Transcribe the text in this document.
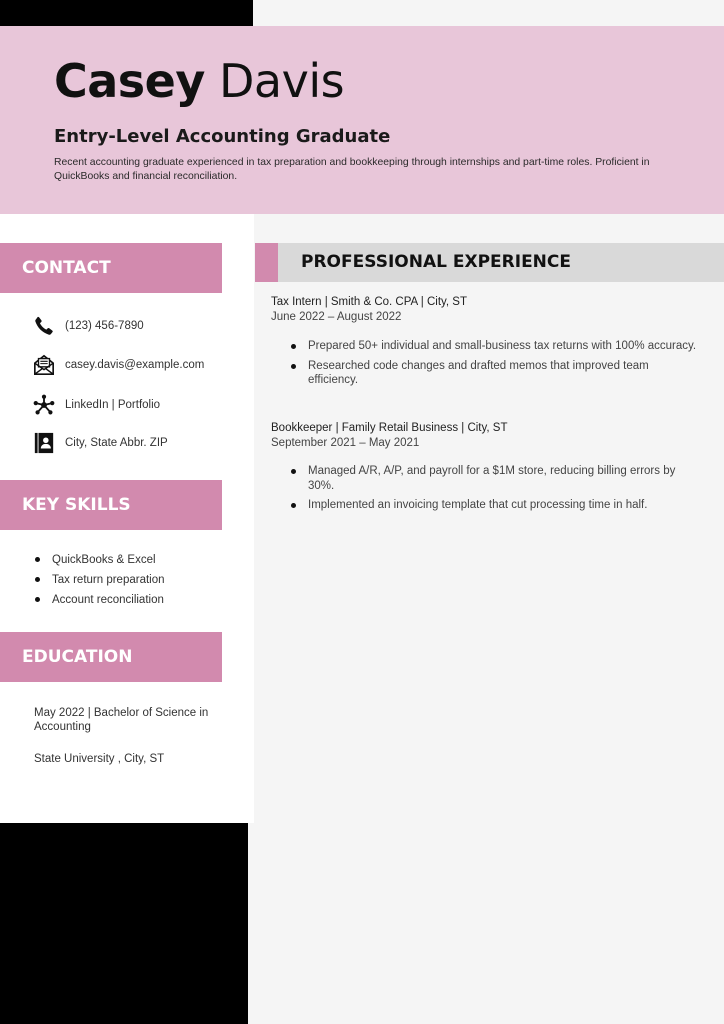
Casey Davis
Entry-Level Accounting Graduate
Recent accounting graduate experienced in tax preparation and bookkeeping through internships and part-time roles. Proficient in QuickBooks and financial reconciliation.
CONTACT
(123) 456-7890
casey.davis@example.com
LinkedIn | Portfolio
City, State Abbr. ZIP
KEY SKILLS
QuickBooks & Excel
Tax return preparation
Account reconciliation
EDUCATION
May 2022 | Bachelor of Science in Accounting
State University , City, ST
PROFESSIONAL EXPERIENCE
Tax Intern | Smith & Co. CPA | City, ST
June 2022 – August 2022
Prepared 50+ individual and small-business tax returns with 100% accuracy.
Researched code changes and drafted memos that improved team efficiency.
Bookkeeper | Family Retail Business | City, ST
September 2021 – May 2021
Managed A/R, A/P, and payroll for a $1M store, reducing billing errors by 30%.
Implemented an invoicing template that cut processing time in half.
